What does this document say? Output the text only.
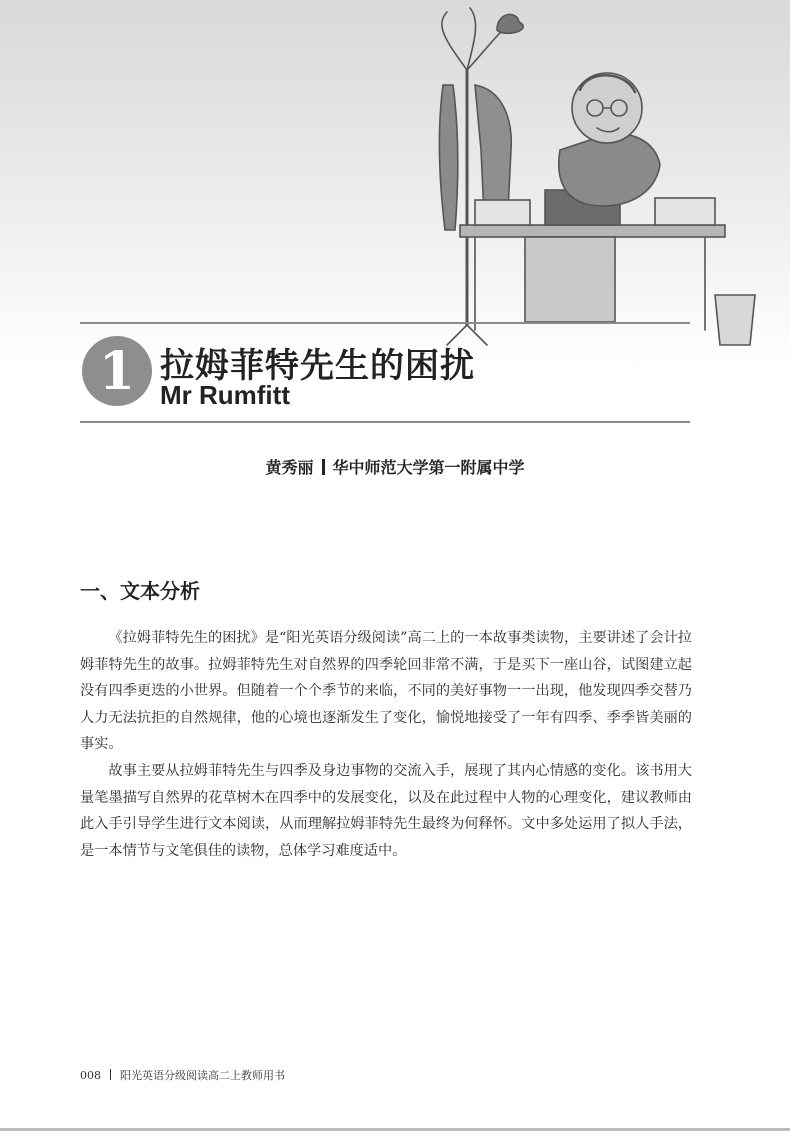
1 拉姆菲特先生的困扰
Mr Rumfitt
黄秀丽 华中师范大学第一附属中学
一、文本分析

《拉姆菲特先生的困扰》是“阳光英语分级阅读”高二上的一本故事类读物，主要讲述了会计拉姆菲特先生的故事。拉姆菲特先生对自然界的四季轮回非常不满，于是买下一座山谷，试图建立起没有四季更迭的小世界。但随着一个个季节的来临，不同的美好事物一一出现，他发现四季交替乃人力无法抗拒的自然规律，他的心境也逐渐发生了变化，愉悦地接受了一年有四季、季季皆美丽的事实。

故事主要从拉姆菲特先生与四季及身边事物的交流入手，展现了其内心情感的变化。该书用大量笔墨描写自然界的花草树木在四季中的发展变化，以及在此过程中人物的心理变化，建议教师由此入手引导学生进行文本阅读，从而理解拉姆菲特先生最终为何释怀。文中多处运用了拟人手法，是一本情节与文笔俱佳的读物，总体学习难度适中。

008 阳光英语分级阅读高二上教师用书
